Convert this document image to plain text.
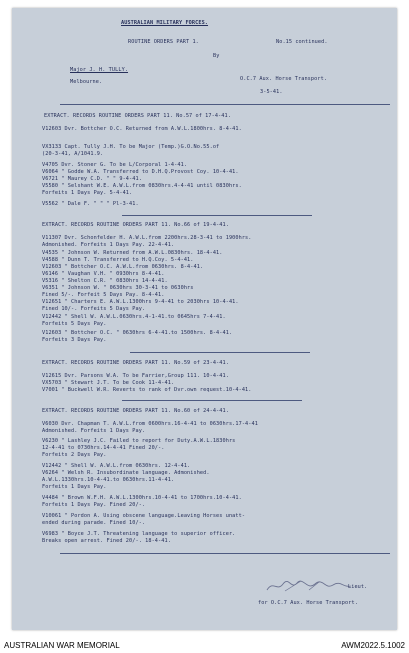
AUSTRALIAN MILITARY FORCES.
ROUTINE ORDERS PART 1.	No.15 continued.
By
Major J. H. TULLY.
O.C.7 Aux. Horse Transport.
Melbourne.
3-5-41.
EXTRACT. RECORDS ROUTINE ORDERS PART 11. No.57 of 17-4-41.
V12603 Dvr. Bottcher O.C. Returned from A.W.L.1800hrs. 8-4-41.
VX3133 Capt. Tully J.H. To be Major (Temp.)G.O.No.55.of
(20-3-41, A/1041.9.
V4705 Dvr. Stoner G. To be L/Corporal 1-4-41.
V6064 " Godde W.A. Transferred to D.H.Q.Provost Coy. 10-4-41.
V6721 " Maurey C.D. " " 9-4-41.
V5580 " Selshant W.E. A.W.L.from 0830hrs.4-4-41 until 0830hrs.
Forfeits 1 Days Pay. 5-4-41.
V5562 " Dale F. " " " Pl-3-41.
EXTRACT. RECORDS ROUTINE ORDERS PART 11. No.66 of 19-4-41.
V11307 Dvr. Schonfelder H. A.W.L.from 2200hrs.28-3-41 to 1900hrs.
Admonished. Forfeits 1 Days Pay. 22-4-41.
V4535 " Johnson W. Returned from A.W.L.0830hrs. 18-4-41.
V4588 " Dunn T. Transferred to H.Q.Coy. 5-4-41.
V12603 " Bottcher O.C. A.W.L.from 0630hrs. 8-4-41.
V6146 " Vaughan V.H. " 0930hrs 8-4-41.
V5316 " Shelton C.R. " 0830hrs 14-4-41.
V6351 " Johnson W. " 0630hrs 30-3-41 to 0630hrs
Fined 5/-. Forfeit 5 Days Pay. 8-4-41.
V12651 " Charters E. A.W.L.1300hrs 9-4-41 to 2030hrs 10-4-41.
Fined 10/-. Forfeits 5 Days Pay.
V12442 " Shell W. A.W.L.0630hrs.4-1-41.to 0645hrs 7-4-41.
Forfeits 5 Days Pay.
V12603 " Bottcher O.C. " 0630hrs 6-4-41.to 1500hrs. 8-4-41.
Forfeits 3 Days Pay.
EXTRACT. RECORDS ROUTINE ORDERS PART 11. No.59 of 23-4-41.
V12615 Dvr. Parsons W.A. To be Farrier,Group 111. 10-4-41.
VX5703 " Stewart J.T. To be Cook 11-4-41.
V7001 " Buckwell W.R. Reverts to rank of Dvr.own request.10-4-41.
EXTRACT. RECORDS ROUTINE ORDERS PART 11. No.60 of 24-4-41.
V6030 Dvr. Chapman T. A.W.L.from 0600hrs.16-4-41 to 0630hrs.17-4-41
Admonished. Forfeits 1 Days Pay.
V6230 " Lashley J.C. Failed to report for Duty.A.W.L.1830hrs
12-4-41 to 0730hrs.14-4-41 Fined 20/-.
Forfeits 2 Days Pay.
V12442 " Shell W. A.W.L.from 0630hrs. 12-4-41.
V6264 " Welsh R. Insubordinate language. Admonished.
A.W.L.1330hrs.10-4-41.to 0630hrs.11-4-41.
Forfeits 1 Days Pay.
V4484 " Brown W.F.H. A.W.L.1300hrs.10-4-41 to 1700hrs.10-4-41.
Forfeits 1 Days Pay. Fined 20/-.
V10061 " Pordon A. Using obscene language.Leaving Horses unatt-
ended during parade. Fined 10/-.
V6983 " Boyce J.T. Threatening language to superior officer.
Breaks open arrest. Fined 20/-. 18-4-41.
Lieut.
for O.C.7 Aux. Horse Transport.
AUSTRALIAN WAR MEMORIAL	AWM2022.5.1002
